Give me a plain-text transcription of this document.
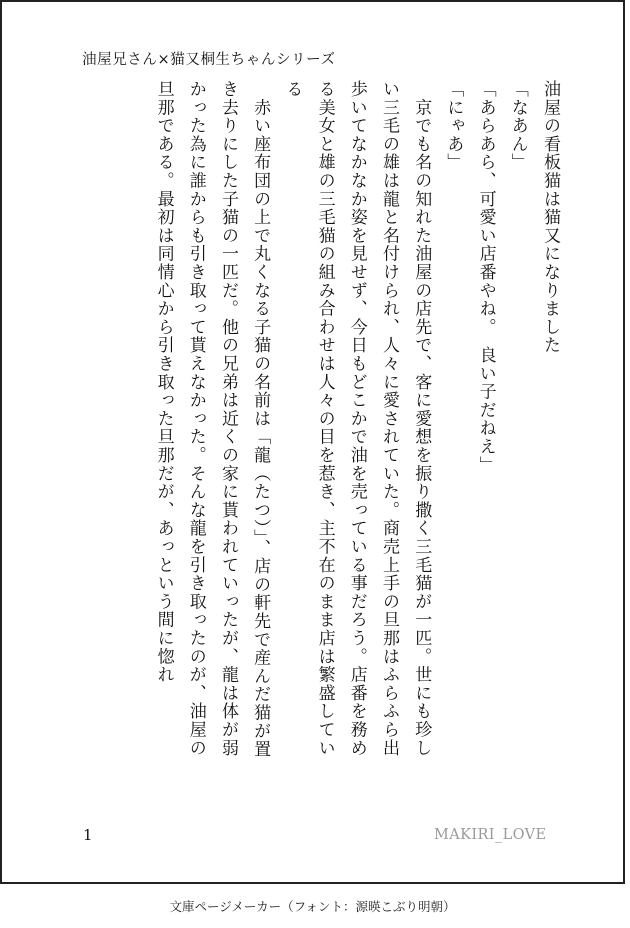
油屋兄さん×猫又桐生ちゃんシリーズ

油屋の看板猫は猫又になりました

「なあん」

「あらあら、可愛い店番やね。　良い子だねえ」

「にゃあ」

　京でも名の知れた油屋の店先で、客に愛想を振り撒く三毛猫が一匹。世にも珍しい三毛の雄は龍と名付けられ、人々に愛されていた。商売上手の旦那はふらふら出歩いてなかなか姿を見せず、今日もどこかで油を売っている事だろう。店番を務める美女と雄の三毛猫の組み合わせは人々の目を惹き、主不在のまま店は繁盛している

　赤い座布団の上で丸くなる子猫の名前は「龍（たつ）」、店の軒先で産んだ猫が置き去りにした子猫の一匹だ。他の兄弟は近くの家に貰われていったが、龍は体が弱かった為に誰からも引き取って貰えなかった。そんな龍を引き取ったのが、油屋の旦那である。最初は同情心から引き取った旦那だが、あっという間に惚れ

1	MAKIRI_LOVE
文庫ページメーカー（フォント：源暎こぶり明朝）
